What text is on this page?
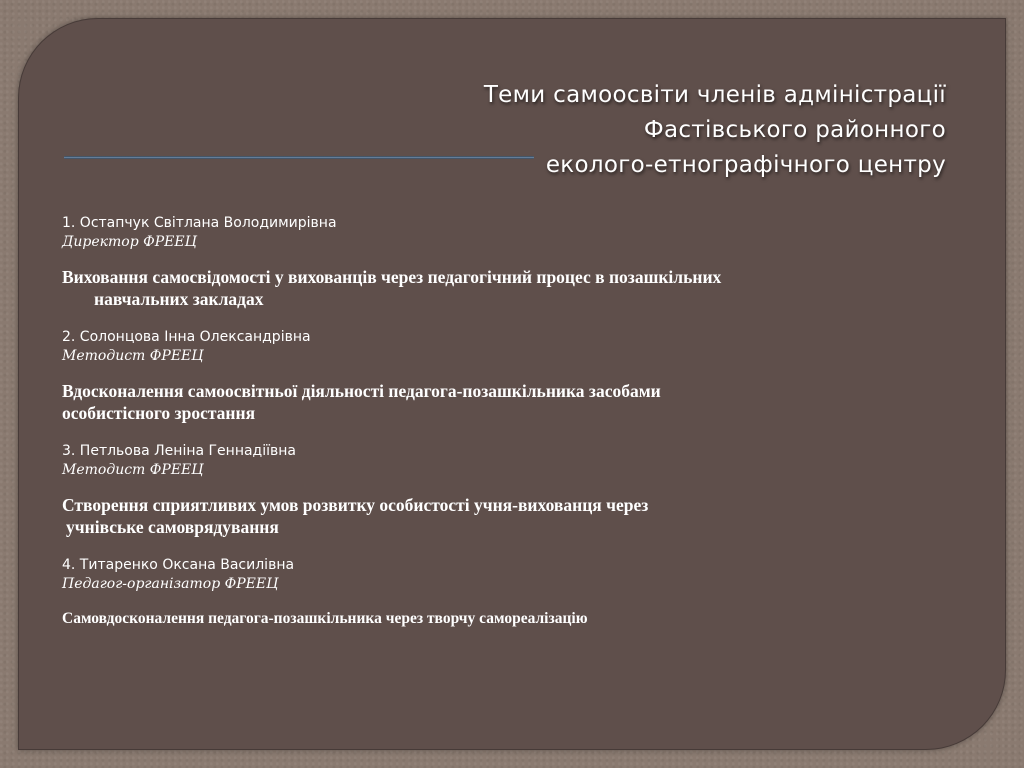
Теми самоосвіти членів адміністрації
Фастівського районного
еколого-етнографічного центру
1. Остапчук Світлана Володимирівна
Директор ФРЕЕЦ
Виховання самосвідомості у вихованців через педагогічний процес в позашкільних
навчальних закладах
2. Солонцова Інна Олександрівна
Методист ФРЕЕЦ
Вдосконалення самоосвітньої діяльності педагога-позашкільника засобами
особистісного зростання
3. Петльова Леніна Геннадіївна
Методист ФРЕЕЦ
Створення сприятливих умов розвитку особистості учня-вихованця через
учнівське самоврядування
4. Титаренко Оксана Василівна
Педагог-організатор ФРЕЕЦ
Самовдосконалення педагога-позашкільника через творчу самореалізацію
